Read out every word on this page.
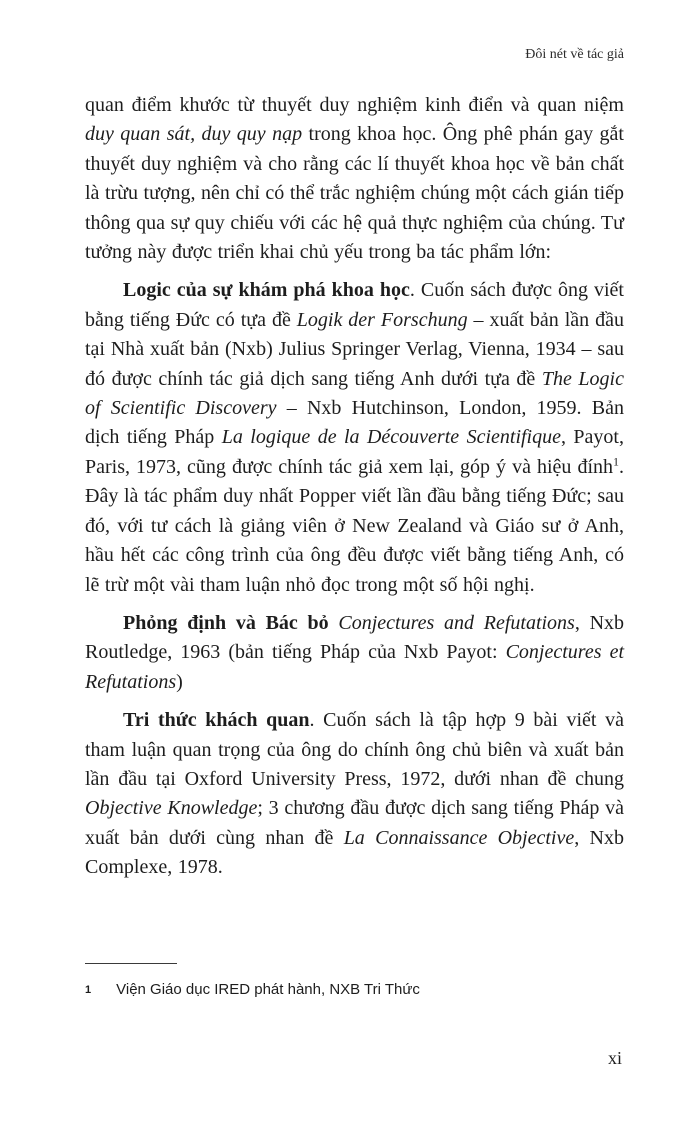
Đôi nét về tác giả

quan điểm khước từ thuyết duy nghiệm kinh điển và quan niệm duy quan sát, duy quy nạp trong khoa học. Ông phê phán gay gắt thuyết duy nghiệm và cho rằng các lí thuyết khoa học về bản chất là trừu tượng, nên chỉ có thể trắc nghiệm chúng một cách gián tiếp thông qua sự quy chiếu với các hệ quả thực nghiệm của chúng. Tư tưởng này được triển khai chủ yếu trong ba tác phẩm lớn:

Logic của sự khám phá khoa học. Cuốn sách được ông viết bằng tiếng Đức có tựa đề Logik der Forschung – xuất bản lần đầu tại Nhà xuất bản (Nxb) Julius Springer Verlag, Vienna, 1934 – sau đó được chính tác giả dịch sang tiếng Anh dưới tựa đề The Logic of Scientific Discovery – Nxb Hutchinson, London, 1959. Bản dịch tiếng Pháp La logique de la Découverte Scientifique, Payot, Paris, 1973, cũng được chính tác giả xem lại, góp ý và hiệu đính$^1$. Đây là tác phẩm duy nhất Popper viết lần đầu bằng tiếng Đức; sau đó, với tư cách là giảng viên ở New Zealand và Giáo sư ở Anh, hầu hết các công trình của ông đều được viết bằng tiếng Anh, có lẽ trừ một vài tham luận nhỏ đọc trong một số hội nghị.

Phỏng định và Bác bỏ Conjectures and Refutations, Nxb Routledge, 1963 (bản tiếng Pháp của Nxb Payot: Conjectures et Refutations)

Tri thức khách quan. Cuốn sách là tập hợp 9 bài viết và tham luận quan trọng của ông do chính ông chủ biên và xuất bản lần đầu tại Oxford University Press, 1972, dưới nhan đề chung Objective Knowledge; 3 chương đầu được dịch sang tiếng Pháp và xuất bản dưới cùng nhan đề La Connaissance Objective, Nxb Complexe, 1978.

1 Viện Giáo dục IRED phát hành, NXB Tri Thức
xi
